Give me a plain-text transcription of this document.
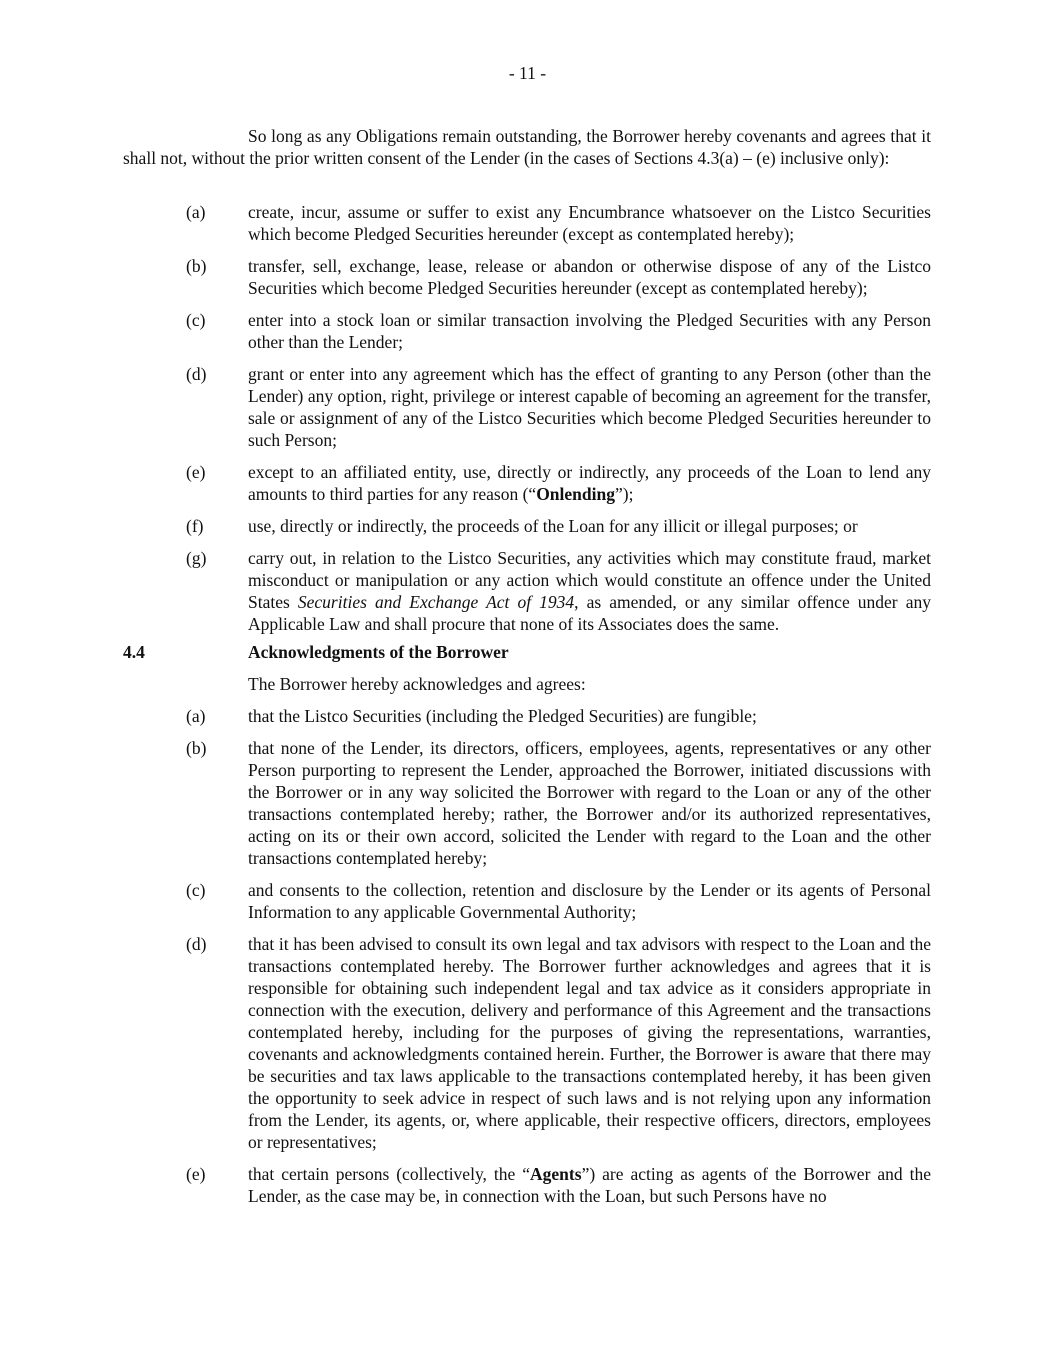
- 11 -

So long as any Obligations remain outstanding, the Borrower hereby covenants and agrees that it shall not, without the prior written consent of the Lender (in the cases of Sections 4.3(a) – (e) inclusive only):

(a) create, incur, assume or suffer to exist any Encumbrance whatsoever on the Listco Securities which become Pledged Securities hereunder (except as contemplated hereby);
(b) transfer, sell, exchange, lease, release or abandon or otherwise dispose of any of the Listco Securities which become Pledged Securities hereunder (except as contemplated hereby);
(c) enter into a stock loan or similar transaction involving the Pledged Securities with any Person other than the Lender;
(d) grant or enter into any agreement which has the effect of granting to any Person (other than the Lender) any option, right, privilege or interest capable of becoming an agreement for the transfer, sale or assignment of any of the Listco Securities which become Pledged Securities hereunder to such Person;
(e) except to an affiliated entity, use, directly or indirectly, any proceeds of the Loan to lend any amounts to third parties for any reason (“Onlending”);
(f)	use, directly or indirectly, the proceeds of the Loan for any illicit or illegal purposes; or
(g) carry out, in relation to the Listco Securities, any activities which may constitute fraud, market misconduct or manipulation or any action which would constitute an offence under the United States Securities and Exchange Act of 1934, as amended, or any similar offence under any Applicable Law and shall procure that none of its Associates does the same.
4.4	Acknowledgments of the Borrower
The Borrower hereby acknowledges and agrees:
(a) that the Listco Securities (including the Pledged Securities) are fungible;
(b) that none of the Lender, its directors, officers, employees, agents, representatives or any other Person purporting to represent the Lender, approached the Borrower, initiated discussions with the Borrower or in any way solicited the Borrower with regard to the Loan or any of the other transactions contemplated hereby; rather, the Borrower and/or its authorized representatives, acting on its or their own accord, solicited the Lender with regard to the Loan and the other transactions contemplated hereby;
(c) and consents to the collection, retention and disclosure by the Lender or its agents of Personal Information to any applicable Governmental Authority;
(d) that it has been advised to consult its own legal and tax advisors with respect to the Loan and the transactions contemplated hereby. The Borrower further acknowledges and agrees that it is responsible for obtaining such independent legal and tax advice as it considers appropriate in connection with the execution, delivery and performance of this Agreement and the transactions contemplated hereby, including for the purposes of giving the representations, warranties, covenants and acknowledgments contained herein. Further, the Borrower is aware that there may be securities and tax laws applicable to the transactions contemplated hereby, it has been given the opportunity to seek advice in respect of such laws and is not relying upon any information from the Lender, its agents, or, where applicable, their respective officers, directors, employees or representatives;
(e) that certain persons (collectively, the “Agents”) are acting as agents of the Borrower and the Lender, as the case may be, in connection with the Loan, but such Persons have no
